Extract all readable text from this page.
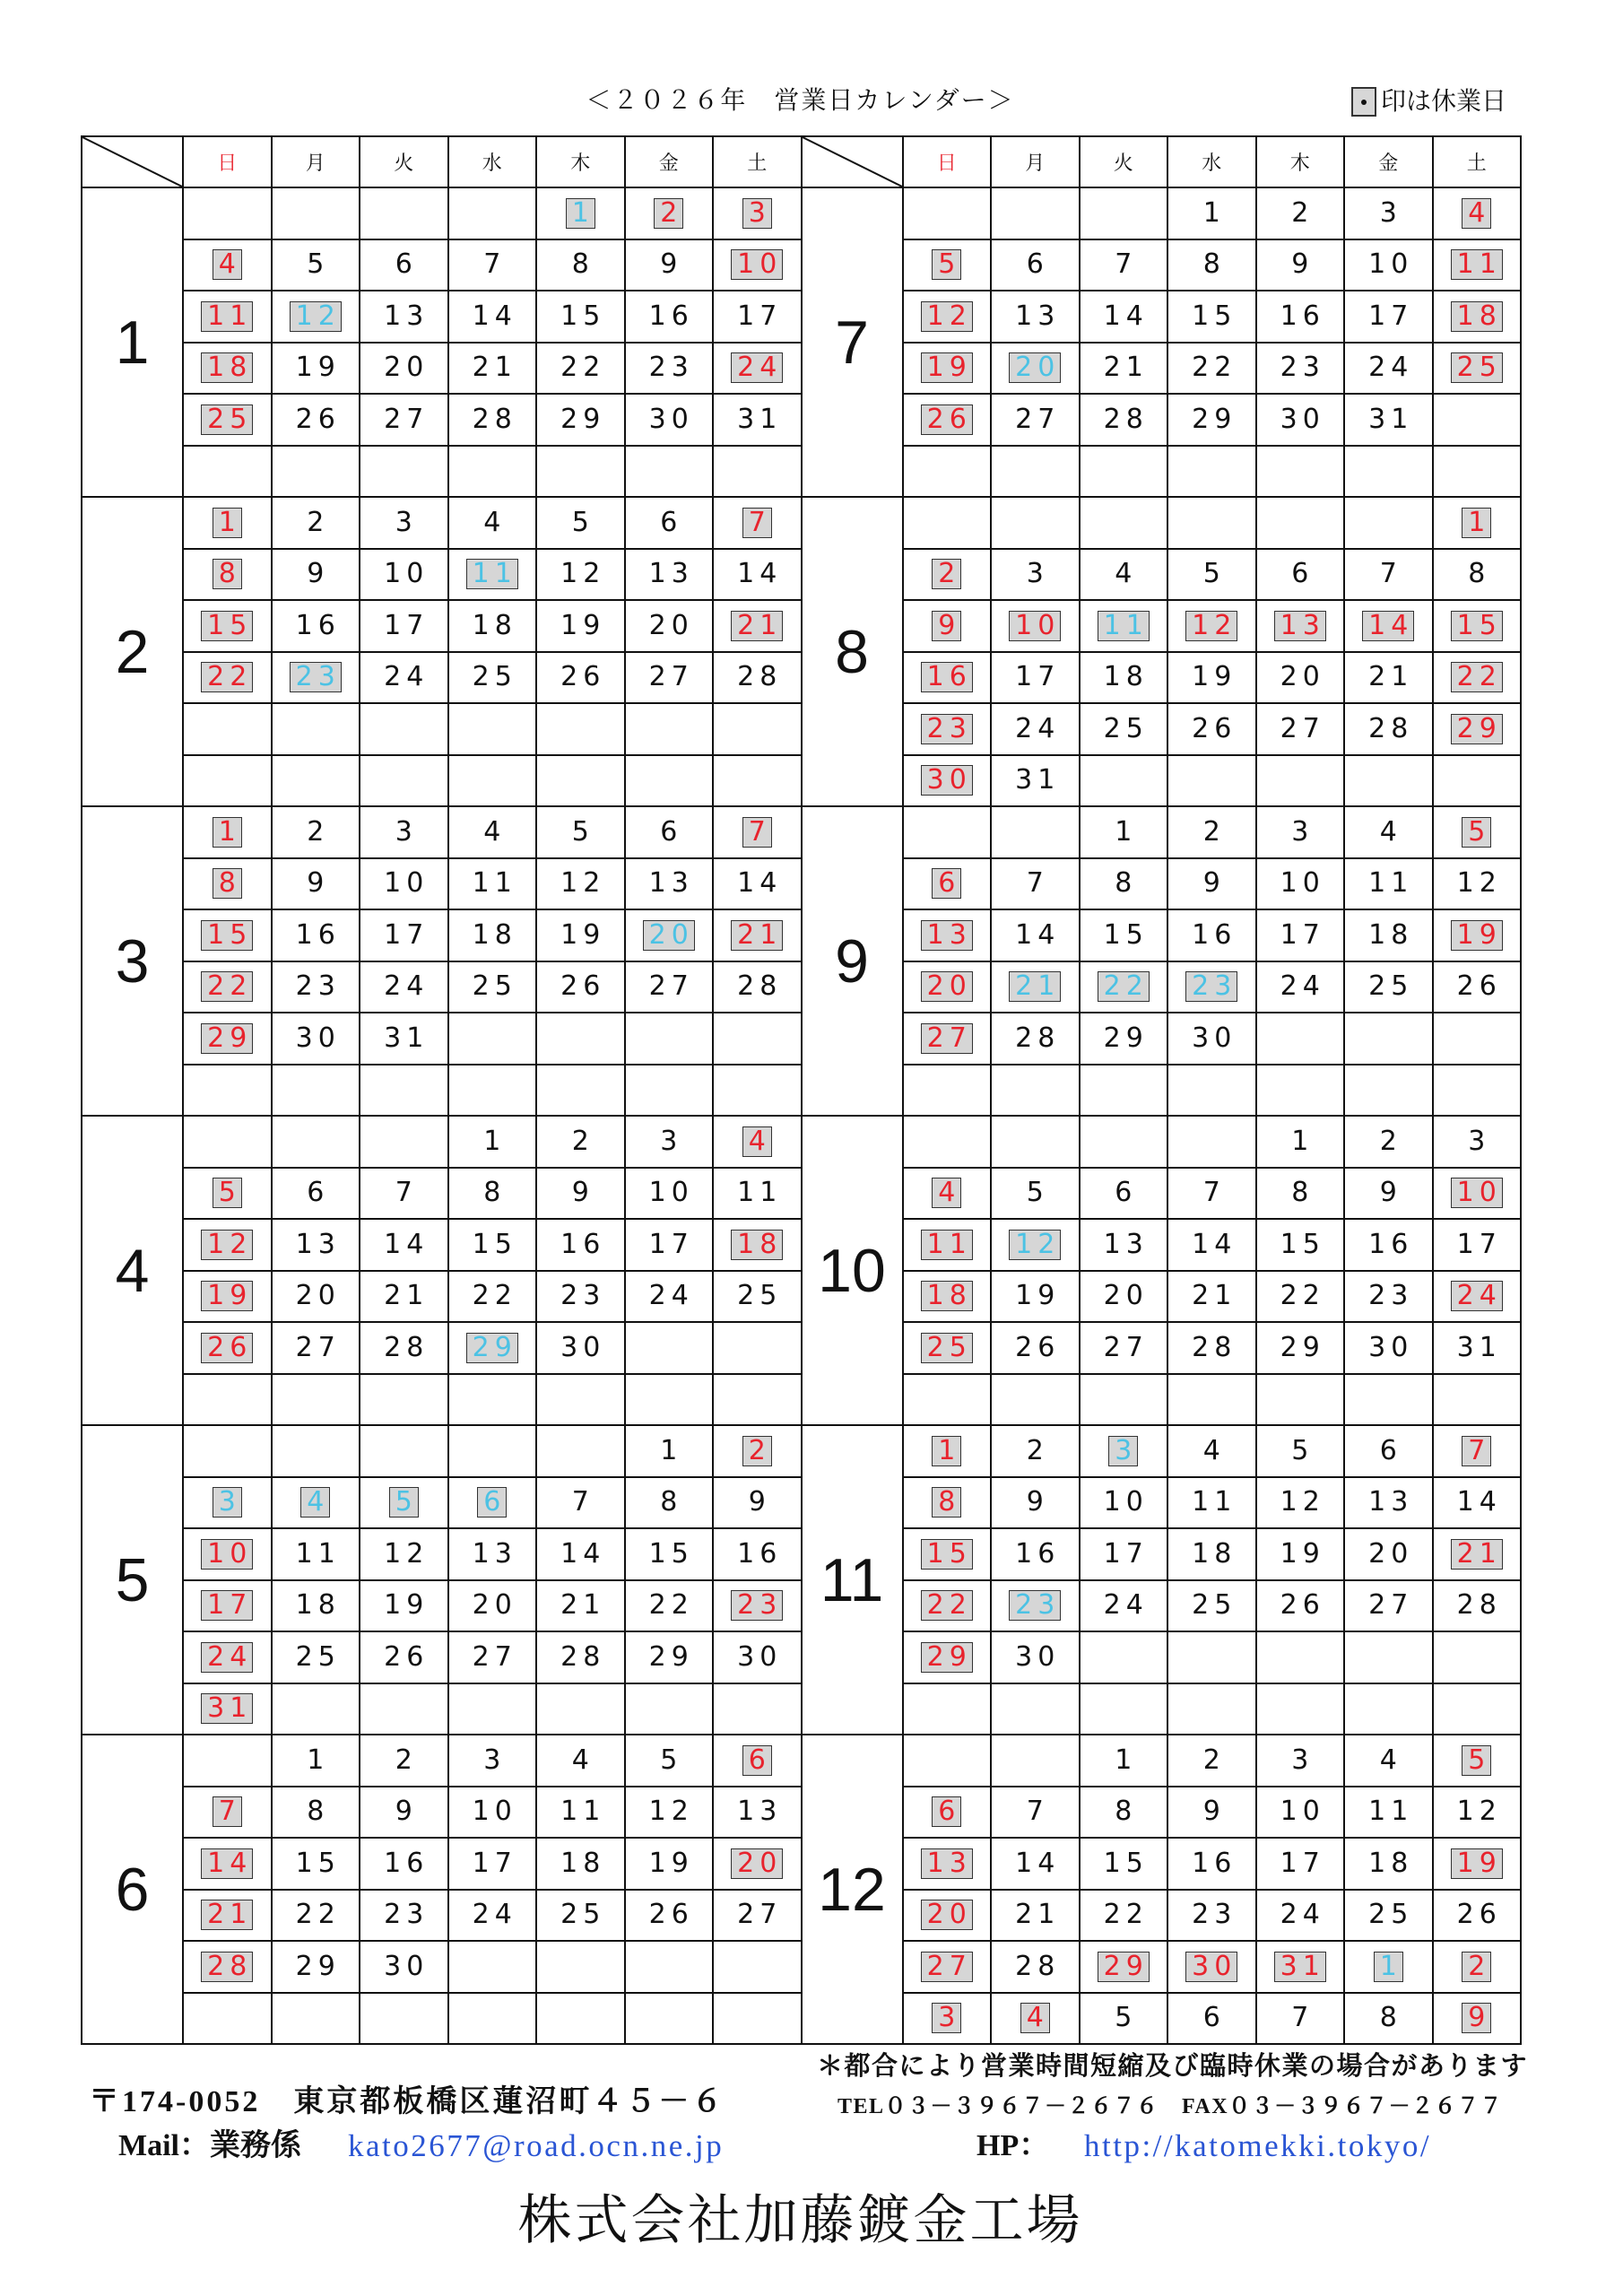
＜２０２６年　営業日カレンダー＞	印は休業日
	日	月	火	水	木	金	土		日	月	火	水	木	金	土
1					1	2	3	7				1	2	3	4
	4	5	6	7	8	9	10		5	6	7	8	9	10	11
	11	12	13	14	15	16	17		12	13	14	15	16	17	18
	18	19	20	21	22	23	24		19	20	21	22	23	24	25
	25	26	27	28	29	30	31		26	27	28	29	30	31	

2	1	2	3	4	5	6	7	8							1
	8	9	10	11	12	13	14		2	3	4	5	6	7	8
	15	16	17	18	19	20	21		9	10	11	12	13	14	15
	22	23	24	25	26	27	28		16	17	18	19	20	21	22
									23	24	25	26	27	28	29
									30	31					
3	1	2	3	4	5	6	7	9			1	2	3	4	5
	8	9	10	11	12	13	14		6	7	8	9	10	11	12
	15	16	17	18	19	20	21		13	14	15	16	17	18	19
	22	23	24	25	26	27	28		20	21	22	23	24	25	26
	29	30	31						27	28	29	30			

4				1	2	3	4	10					1	2	3
	5	6	7	8	9	10	11		4	5	6	7	8	9	10
	12	13	14	15	16	17	18		11	12	13	14	15	16	17
	19	20	21	22	23	24	25		18	19	20	21	22	23	24
	26	27	28	29	30				25	26	27	28	29	30	31

5						1	2	11	1	2	3	4	5	6	7
	3	4	5	6	7	8	9		8	9	10	11	12	13	14
	10	11	12	13	14	15	16		15	16	17	18	19	20	21
	17	18	19	20	21	22	23		22	23	24	25	26	27	28
	24	25	26	27	28	29	30		29	30					
	31														
6		1	2	3	4	5	6	12			1	2	3	4	5
	7	8	9	10	11	12	13		6	7	8	9	10	11	12
	14	15	16	17	18	19	20		13	14	15	16	17	18	19
	21	22	23	24	25	26	27		20	21	22	23	24	25	26
	28	29	30						27	28	29	30	31	1	2
									3	4	5	6	7	8	9
＊都合により営業時間短縮及び臨時休業の場合があります
〒174-0052　東京都板橋区蓮沼町４５－６	TEL０３－３９６７－２６７６　FAX０３－３９６７－２６７７
Mail：業務係 kato2677@road.ocn.ne.jp	HP： http://katomekki.tokyo/
株式会社加藤鍍金工場
